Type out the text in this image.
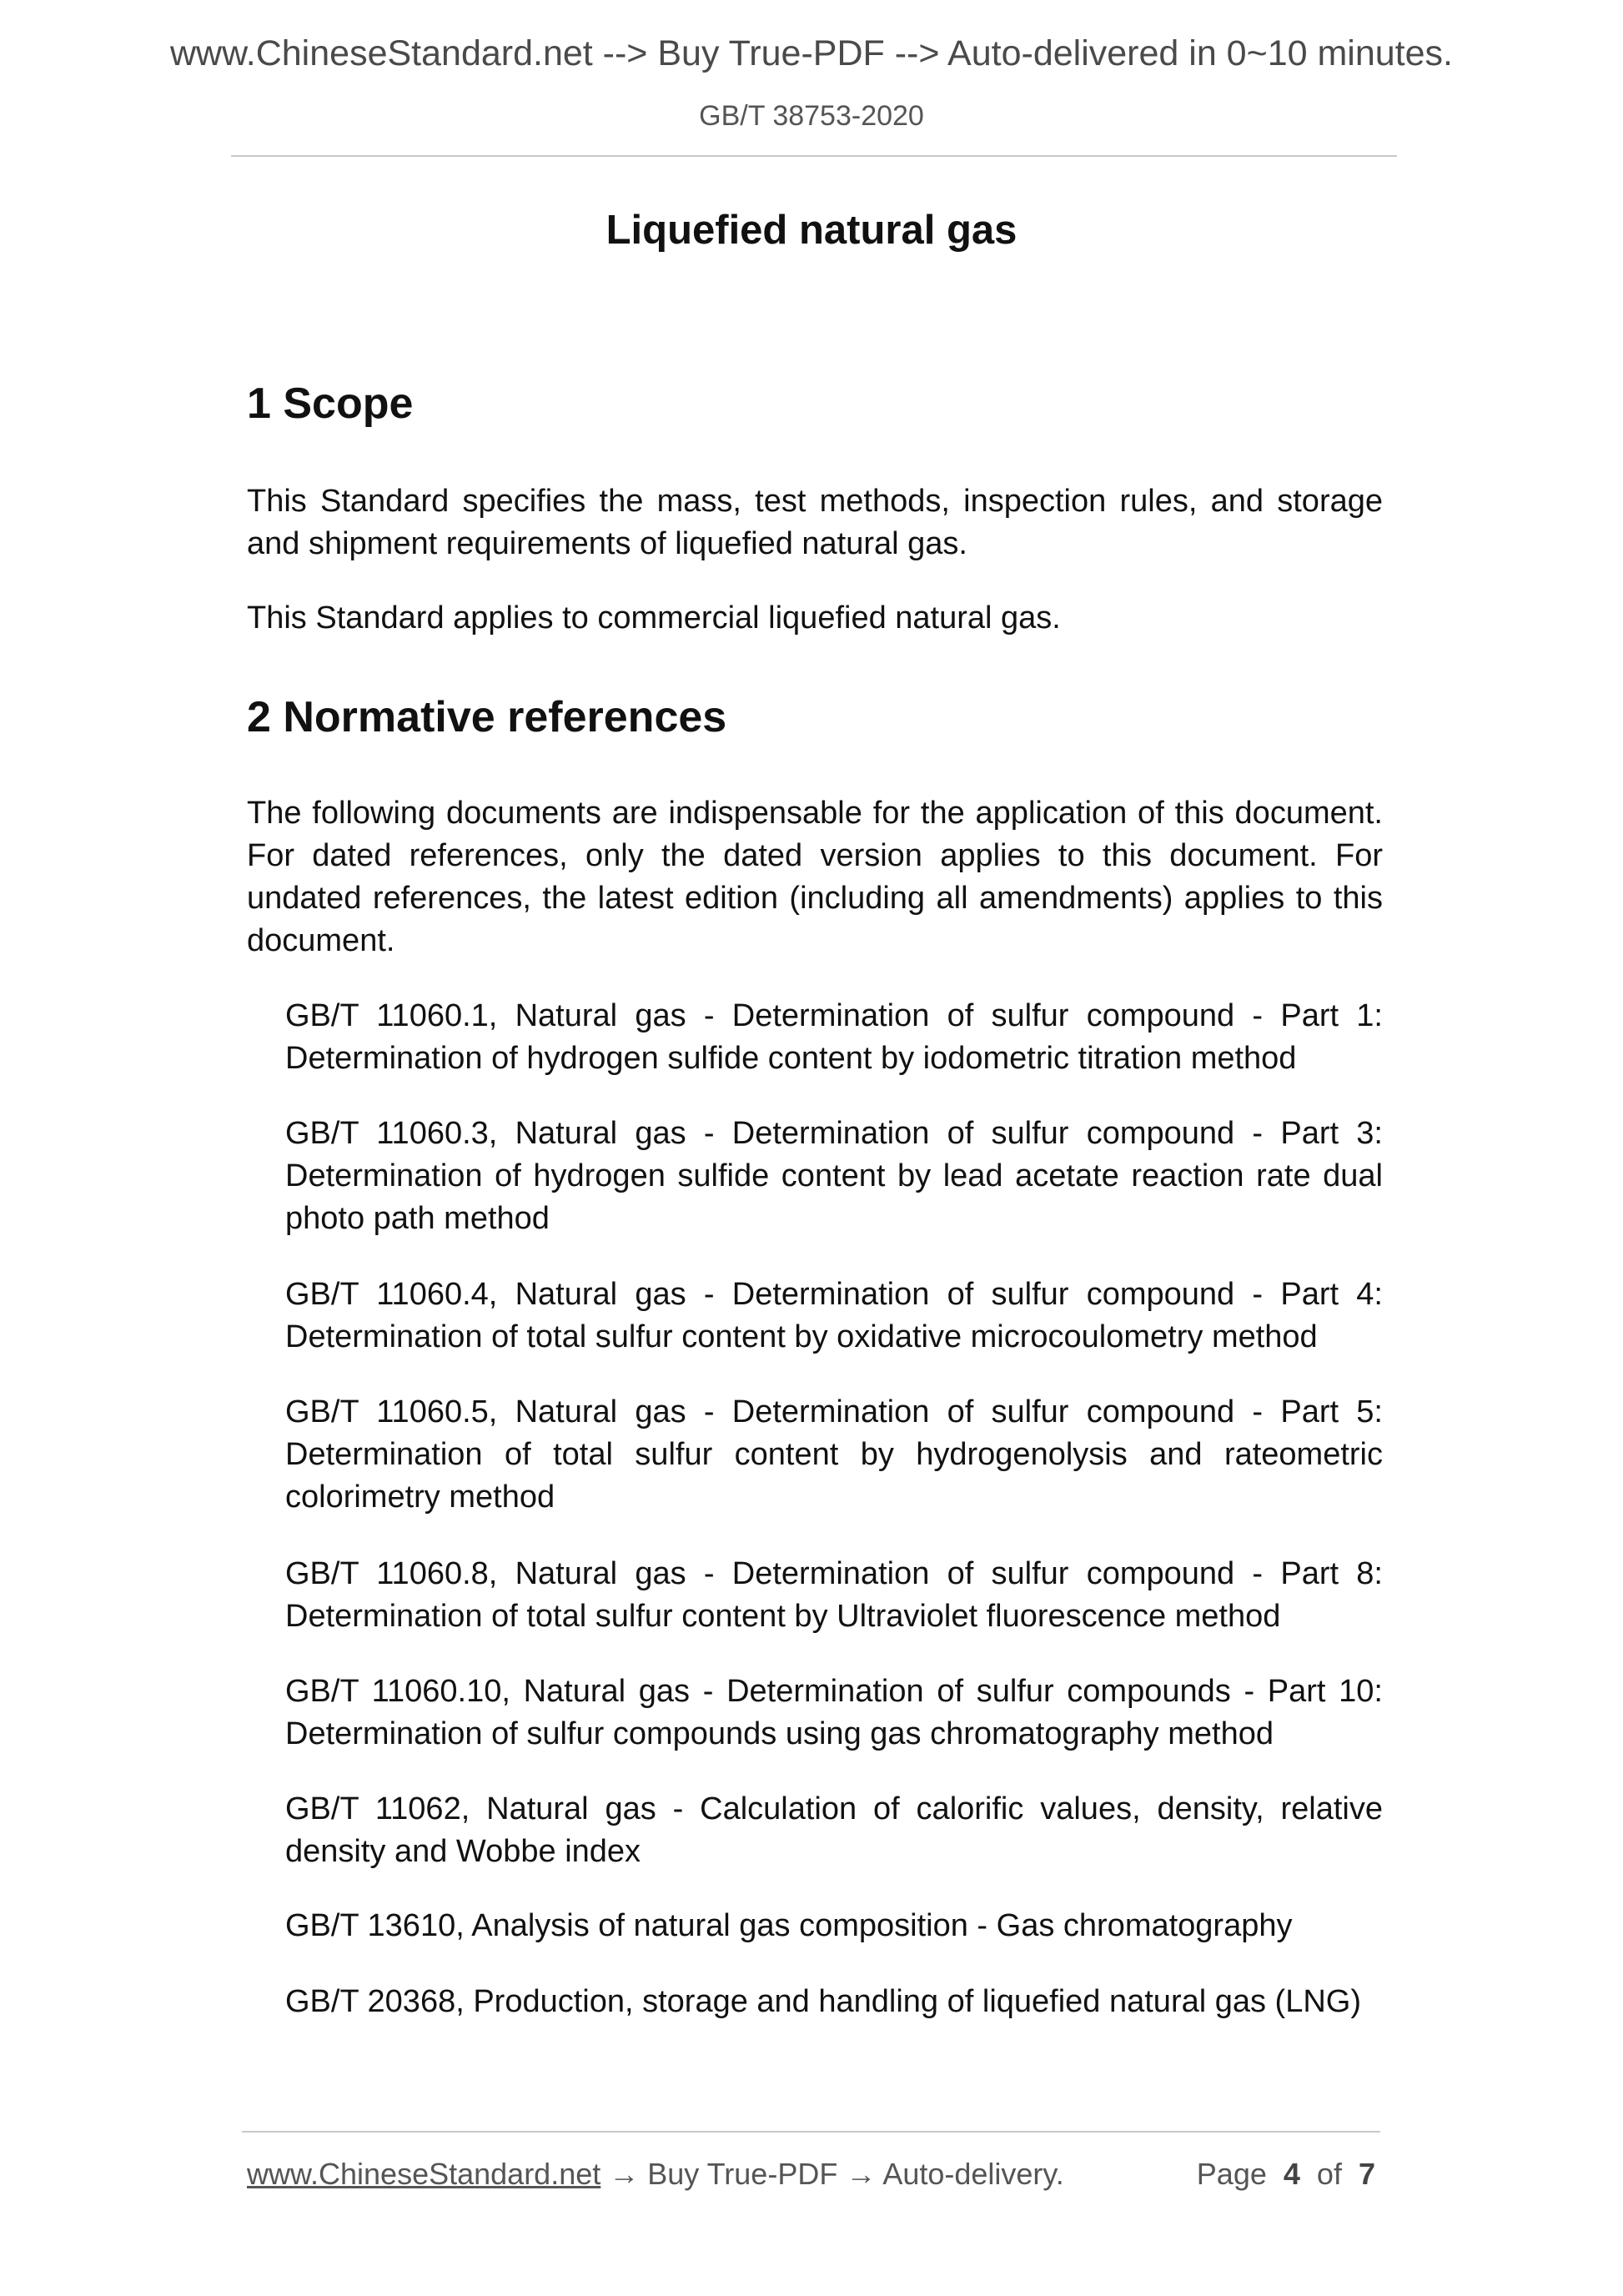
www.ChineseStandard.net --> Buy True-PDF --> Auto-delivered in 0~10 minutes.
GB/T 38753-2020
Liquefied natural gas
1 Scope
This Standard specifies the mass, test methods, inspection rules, and storage and shipment requirements of liquefied natural gas.
This Standard applies to commercial liquefied natural gas.
2 Normative references
The following documents are indispensable for the application of this document. For dated references, only the dated version applies to this document. For undated references, the latest edition (including all amendments) applies to this document.
GB/T 11060.1, Natural gas - Determination of sulfur compound - Part 1: Determination of hydrogen sulfide content by iodometric titration method
GB/T 11060.3, Natural gas - Determination of sulfur compound - Part 3: Determination of hydrogen sulfide content by lead acetate reaction rate dual photo path method
GB/T 11060.4, Natural gas - Determination of sulfur compound - Part 4: Determination of total sulfur content by oxidative microcoulometry method
GB/T 11060.5, Natural gas - Determination of sulfur compound - Part 5: Determination of total sulfur content by hydrogenolysis and rateometric colorimetry method
GB/T 11060.8, Natural gas - Determination of sulfur compound - Part 8: Determination of total sulfur content by Ultraviolet fluorescence method
GB/T 11060.10, Natural gas - Determination of sulfur compounds - Part 10: Determination of sulfur compounds using gas chromatography method
GB/T 11062, Natural gas - Calculation of calorific values, density, relative density and Wobbe index
GB/T 13610, Analysis of natural gas composition - Gas chromatography
GB/T 20368, Production, storage and handling of liquefied natural gas (LNG)
www.ChineseStandard.net → Buy True-PDF → Auto-delivery.	Page 4 of 7
